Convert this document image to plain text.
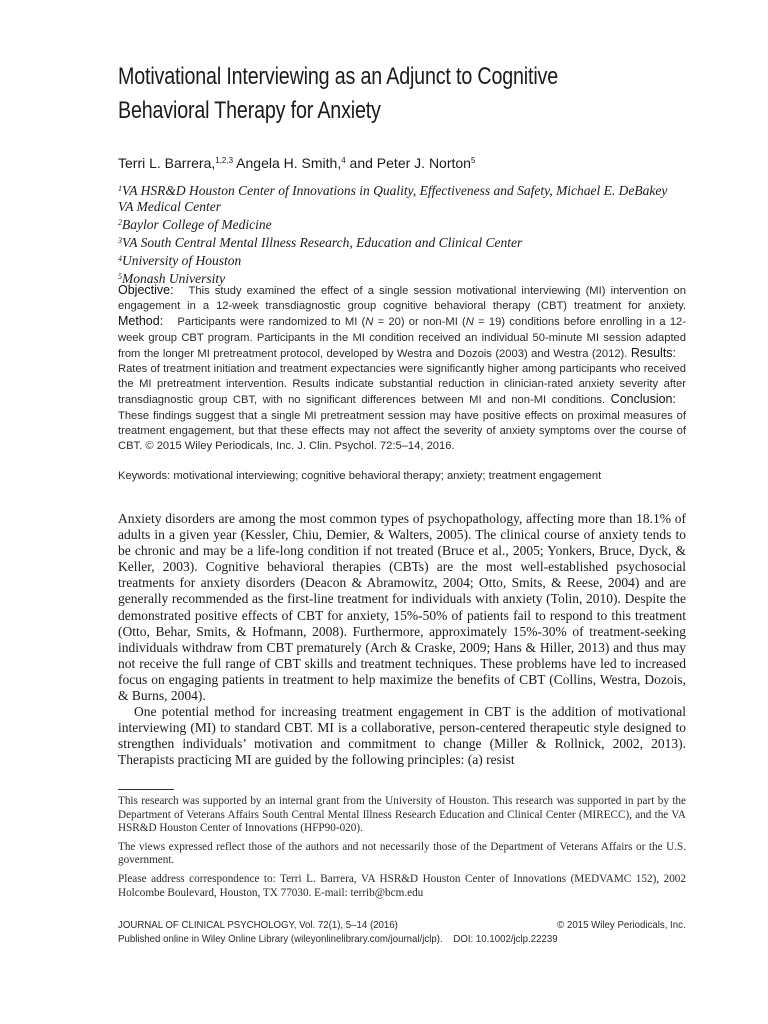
Motivational Interviewing as an Adjunct to Cognitive Behavioral Therapy for Anxiety
Terri L. Barrera,$^{1,2,3}$ Angela H. Smith,$^4$ and Peter J. Norton$^5$
$^1$VA HSR&D Houston Center of Innovations in Quality, Effectiveness and Safety, Michael E. DeBakey VA Medical Center
$^2$Baylor College of Medicine
$^3$VA South Central Mental Illness Research, Education and Clinical Center
$^4$University of Houston
$^5$Monash University
Objective: This study examined the effect of a single session motivational interviewing (MI) intervention on engagement in a 12-week transdiagnostic group cognitive behavioral therapy (CBT) treatment for anxiety. Method: Participants were randomized to MI (N = 20) or non-MI (N = 19) conditions before enrolling in a 12-week group CBT program. Participants in the MI condition received an individual 50-minute MI session adapted from the longer MI pretreatment protocol, developed by Westra and Dozois (2003) and Westra (2012). Results: Rates of treatment initiation and treatment expectancies were significantly higher among participants who received the MI pretreatment intervention. Results indicate substantial reduction in clinician-rated anxiety severity after transdiagnostic group CBT, with no significant differences between MI and non-MI conditions. Conclusion: These findings suggest that a single MI pretreatment session may have positive effects on proximal measures of treatment engagement, but that these effects may not affect the severity of anxiety symptoms over the course of CBT. © 2015 Wiley Periodicals, Inc. J. Clin. Psychol. 72:5–14, 2016.
Keywords: motivational interviewing; cognitive behavioral therapy; anxiety; treatment engagement

Anxiety disorders are among the most common types of psychopathology, affecting more than 18.1% of adults in a given year (Kessler, Chiu, Demier, & Walters, 2005). The clinical course of anxiety tends to be chronic and may be a life-long condition if not treated (Bruce et al., 2005; Yonkers, Bruce, Dyck, & Keller, 2003). Cognitive behavioral therapies (CBTs) are the most well-established psychosocial treatments for anxiety disorders (Deacon & Abramowitz, 2004; Otto, Smits, & Reese, 2004) and are generally recommended as the first-line treatment for individuals with anxiety (Tolin, 2010). Despite the demonstrated positive effects of CBT for anxiety, 15%-50% of patients fail to respond to this treatment (Otto, Behar, Smits, & Hofmann, 2008). Furthermore, approximately 15%-30% of treatment-seeking individuals withdraw from CBT prematurely (Arch & Craske, 2009; Hans & Hiller, 2013) and thus may not receive the full range of CBT skills and treatment techniques. These problems have led to increased focus on engaging patients in treatment to help maximize the benefits of CBT (Collins, Westra, Dozois, & Burns, 2004).

One potential method for increasing treatment engagement in CBT is the addition of motivational interviewing (MI) to standard CBT. MI is a collaborative, person-centered therapeutic style designed to strengthen individuals’ motivation and commitment to change (Miller & Rollnick, 2002, 2013). Therapists practicing MI are guided by the following principles: (a) resist

This research was supported by an internal grant from the University of Houston. This research was supported in part by the Department of Veterans Affairs South Central Mental Illness Research Education and Clinical Center (MIRECC), and the VA HSR&D Houston Center of Innovations (HFP90-020).

The views expressed reflect those of the authors and not necessarily those of the Department of Veterans Affairs or the U.S. government.

Please address correspondence to: Terri L. Barrera, VA HSR&D Houston Center of Innovations (MEDVAMC 152), 2002 Holcombe Boulevard, Houston, TX 77030. E-mail: terrib@bcm.edu

JOURNAL OF CLINICAL PSYCHOLOGY, Vol. 72(1), 5–14 (2016)	© 2015 Wiley Periodicals, Inc.
Published online in Wiley Online Library (wileyonlinelibrary.com/journal/jclp). DOI: 10.1002/jclp.22239
